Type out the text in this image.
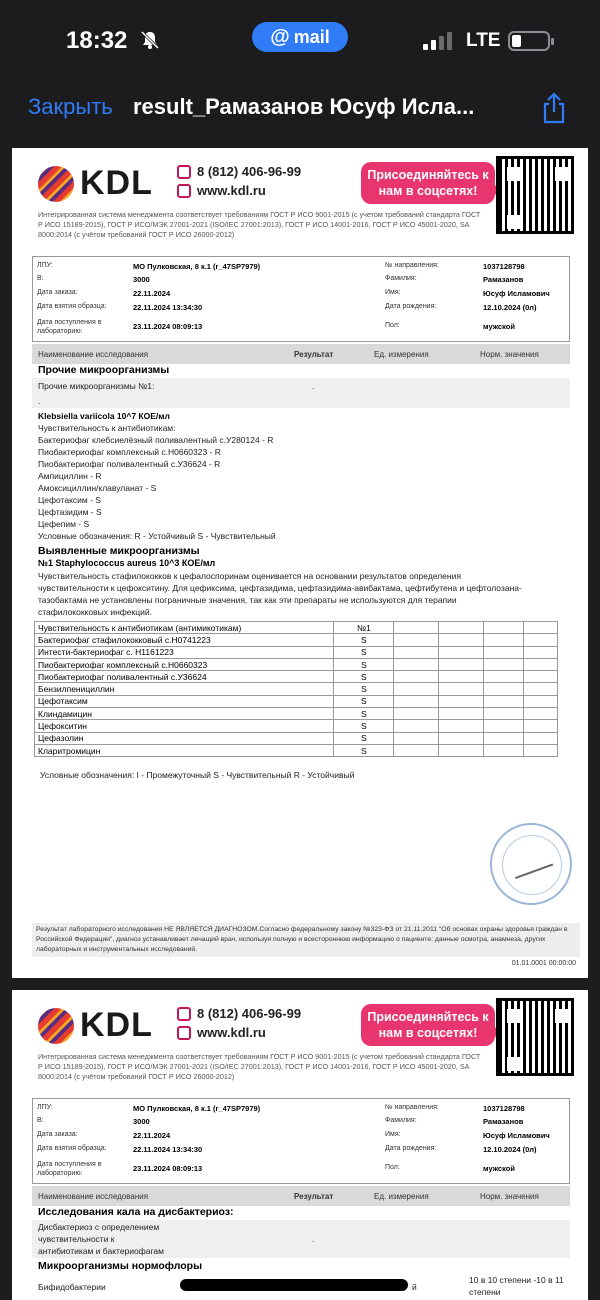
18:32	@ mail	LTE
Закрыть result_Рамазанов Юсуф Исла...
KDL	8 (812) 406-96-99
www.kdl.ru
Присоединяйтесь к нам в соцсетях!
Интегрированная система менеджмента соответствует требованиям ГОСТ Р ИСО 9001-2015 (с учетом требований стандарта ГОСТ Р ИСО 15189-2015), ГОСТ Р ИСО/МЭК 27001-2021 (ISO/IEC 27001:2013), ГОСТ Р ИСО 14001-2016, ГОСТ Р ИСО 45001-2020, SA 8000:2014 (с учётом требований ГОСТ Р ИСО 26000-2012)
ЛПУ:	МО Пулковская, 8 к.1 (r_47SP7979)	№ направления:	1037128798
В:	3000	Фамилия:	Рамазанов
Дата заказа:	22.11.2024	Имя:	Юсуф Исламович
Дата взятия образца:	22.11.2024 13:34:30	Дата рождения:	12.10.2024 (0л)
Дата поступления в лабораторию:
23.11.2024 08:09:13	Пол:	мужской
Наименование исследования	Результат	Ед. измерения	Норм. значения
Прочие микроорганизмы
Прочие микроорганизмы №1:	.
.
Klebsiella variicola 10^7 КОЕ/мл
Чувствительность к антибиотикам:
Бактериофаг клебсиелёзный поливалентный с.У280124 - R
Пиобактериофаг комплексный с.Н0660323 - R
Пиобактериофаг поливалентный с.У36624 - R
Ампициллин - R
Амоксициллин/клавуланат - S
Цефотаксим - S
Цефтазидим - S
Цефепим - S
Условные обозначения: R - Устойчивый S - Чувствительный
Выявленные микроорганизмы
№1 Staphylococcus aureus 10^3 КОЕ/мл
Чувствительность стафилококков к цефалоспоринам оценивается на основании результатов определения
чувствительности к цефокситину. Для цефиксима, цефтазидима, цефтазидима-авибактама, цефтибутена и цефтолозана-
тазобактама не установлены пограничные значения, так как эти препараты не используются для терапии
стафилококковых инфекций.
Чувствительность к антибиотикам (антимикотикам)	№1				
Бактериофаг стафилококковый с.Н0741223	S				
Интести-бактериофаг с. Н1161223	S				
Пиобактериофаг комплексный с.Н0660323	S				
Пиобактериофаг поливалентный с.У36624	S				
Бензилпенициллин	S				
Цефотаксим	S				
Клиндамицин	S				
Цефокситин	S				
Цефазолин	S				
Кларитромицин	S				
Условные обозначения: I - Промежуточный S - Чувствительный R - Устойчивый
Результат лабораторного исследования НЕ ЯВЛЯЕТСЯ ДИАГНОЗОМ.Согласно федеральному закону №323-ФЗ от 21.11.2011 "Об основах охраны здоровья граждан в Российской Федерации", диагноз устанавливает лечащий врач, используя полную и всестороннюю информацию о пациенте: данные осмотра, анамнеза, других лабораторных и инструментальных исследований.
01.01.0001 00:00:00
KDL	8 (812) 406-96-99
www.kdl.ru
Присоединяйтесь к нам в соцсетях!
Интегрированная система менеджмента соответствует требованиям ГОСТ Р ИСО 9001-2015 (с учетом требований стандарта ГОСТ Р ИСО 15189-2015), ГОСТ Р ИСО/МЭК 27001-2021 (ISO/IEC 27001:2013), ГОСТ Р ИСО 14001-2016, ГОСТ Р ИСО 45001-2020, SA 8000:2014 (с учётом требований ГОСТ Р ИСО 26000-2012)
ЛПУ:	МО Пулковская, 8 к.1 (r_47SP7979)	№ направления:	1037128798
В:	3000	Фамилия:	Рамазанов
Дата заказа:	22.11.2024	Имя:	Юсуф Исламович
Дата взятия образца:	22.11.2024 13:34:30	Дата рождения:	12.10.2024 (0л)
Дата поступления в лабораторию:
23.11.2024 08:09:13	Пол:	мужской
Наименование исследования	Результат	Ед. измерения	Норм. значения
Исследования кала на дисбактериоз:
Дисбактериоз с определением
чувствительности к
антибиотикам и бактериофагам
.
Микроорганизмы нормофлоры
Бифидобактерии	й
10 в 10 степени -10 в 11
степени
